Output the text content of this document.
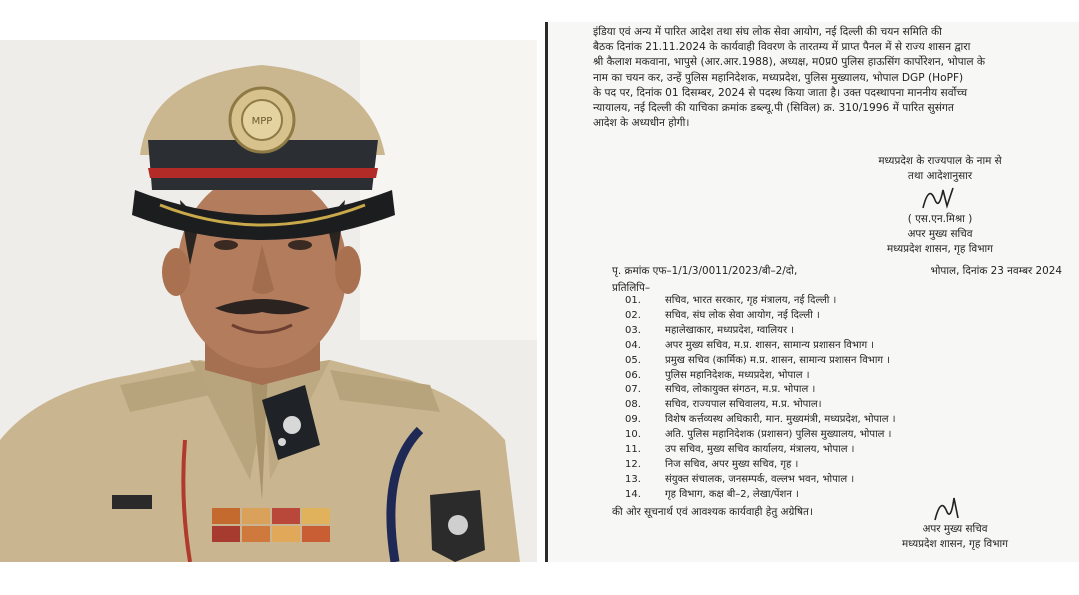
MPP
इंडिया एवं अन्य में पारित आदेश तथा संघ लोक सेवा आयोग, नई दिल्ली की चयन समिति की
बैठक दिनांक 21.11.2024 के कार्यवाही विवरण के तारतम्य में प्राप्त पैनल में से राज्य शासन द्वारा
श्री कैलाश मकवाना, भापुसे (आर.आर.1988), अध्यक्ष, म0प्र0 पुलिस हाऊसिंग कार्पोरेशन, भोपाल के
नाम का चयन कर, उन्हें पुलिस महानिदेशक, मध्यप्रदेश, पुलिस मुख्यालय, भोपाल DGP (HoPF)
के पद पर, दिनांक 01 दिसम्बर, 2024 से पदस्थ किया जाता है। उक्त पदस्थापना माननीय सर्वोच्च
न्यायालय, नई दिल्ली की याचिका क्रमांक डब्ल्यू.पी (सिविल) क्र. 310/1996 में पारित सुसंगत
आदेश के अध्यधीन होगी।
मध्यप्रदेश के राज्यपाल के नाम से
तथा आदेशानुसार
( एस.एन.मिश्रा )
अपर मुख्य सचिव
मध्यप्रदेश शासन, गृह विभाग
पृ. क्रमांक एफ–1/1/3/0011/2023/बी–2/दो,	भोपाल, दिनांक 23 नवम्बर 2024
प्रतिलिपि–
01.	सचिव, भारत सरकार, गृह मंत्रालय, नई दिल्ली ।
02.	सचिव, संघ लोक सेवा आयोग, नई दिल्ली ।
03.	महालेखाकार, मध्यप्रदेश, ग्वालियर ।
04.	अपर मुख्य सचिव, म.प्र. शासन, सामान्य प्रशासन विभाग ।
05.	प्रमुख सचिव (कार्मिक) म.प्र. शासन, सामान्य प्रशासन विभाग ।
06.	पुलिस महानिदेशक, मध्यप्रदेश, भोपाल ।
07.	सचिव, लोकायुक्त संगठन, म.प्र. भोपाल ।
08.	सचिव, राज्यपाल सचिवालय, म.प्र. भोपाल।
09.	विशेष कर्त्तव्यस्थ अधिकारी, मान. मुख्यमंत्री, मध्यप्रदेश, भोपाल ।
10.	अति. पुलिस महानिदेशक (प्रशासन) पुलिस मुख्यालय, भोपाल ।
11.	उप सचिव, मुख्य सचिव कार्यालय, मंत्रालय, भोपाल ।
12.	निज सचिव, अपर मुख्य सचिव, गृह ।
13.	संयुक्त संचालक, जनसम्पर्क, वल्लभ भवन, भोपाल ।
14.	गृह विभाग, कक्ष बी–2, लेखा/पेंशन ।
की ओर सूचनार्थ एवं आवश्यक कार्यवाही हेतु अग्रेषित।
अपर मुख्य सचिव
मध्यप्रदेश शासन, गृह विभाग
